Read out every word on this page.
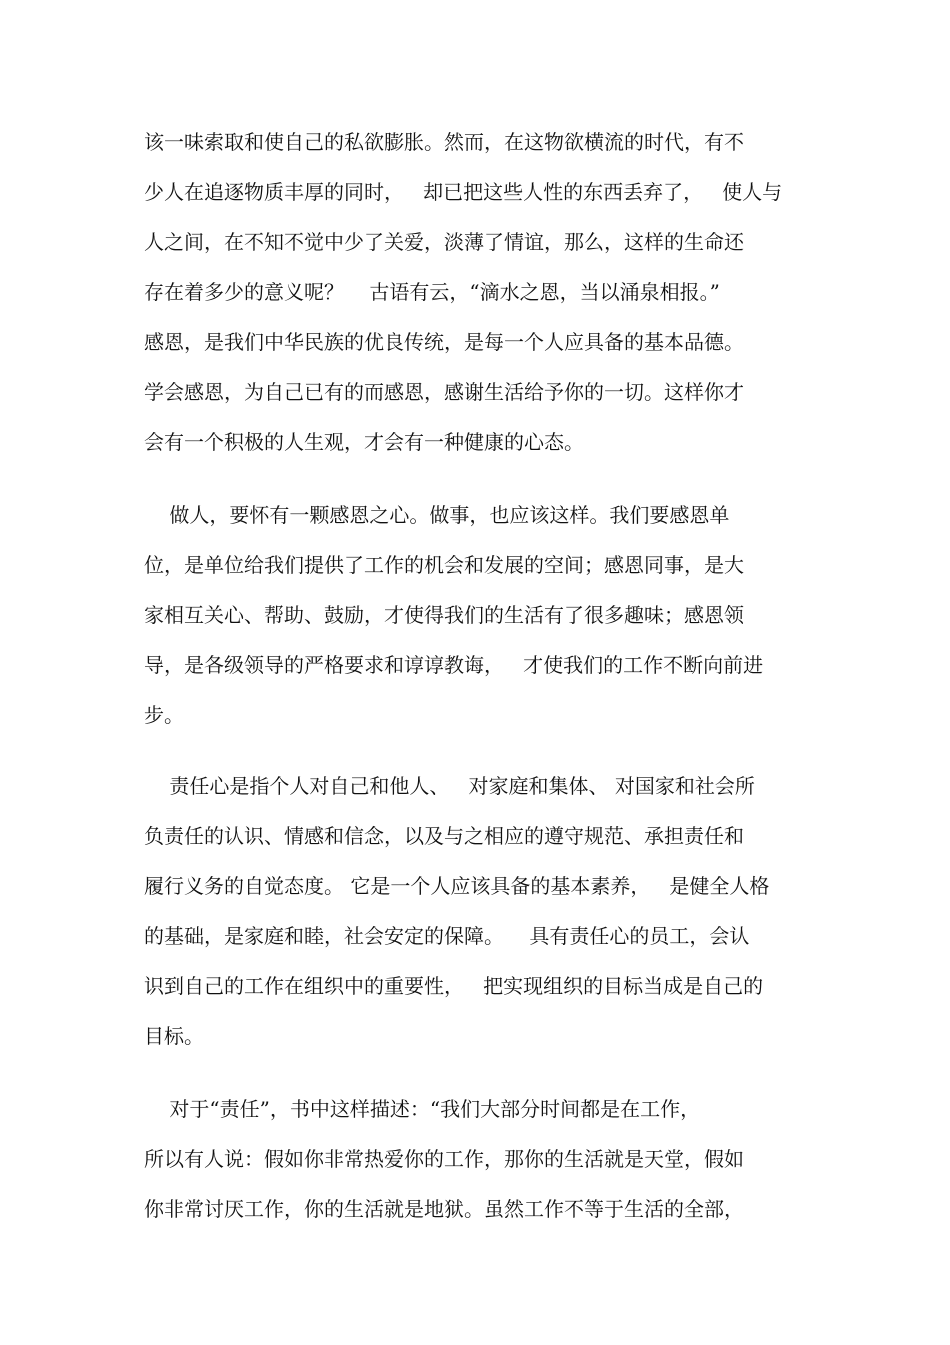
该一味索取和使自己的私欲膨胀。然而，在这物欲横流的时代，有不
少人在追逐物质丰厚的同时，   却已把这些人性的东西丢弃了，   使人与
人之间，在不知不觉中少了关爱，淡薄了情谊，那么，这样的生命还
存在着多少的意义呢？    古语有云，“滴水之恩，当以涌泉相报。”
感恩，是我们中华民族的优良传统，是每一个人应具备的基本品德。
学会感恩，为自己已有的而感恩，感谢生活给予你的一切。这样你才
会有一个积极的人生观，才会有一种健康的心态。
做人，要怀有一颗感恩之心。做事，也应该这样。我们要感恩单
位，是单位给我们提供了工作的机会和发展的空间；感恩同事，是大
家相互关心、帮助、鼓励，才使得我们的生活有了很多趣味；感恩领
导，是各级领导的严格要求和谆谆教诲，   才使我们的工作不断向前进
步。
责任心是指个人对自己和他人、   对家庭和集体、 对国家和社会所
负责任的认识、情感和信念，以及与之相应的遵守规范、承担责任和
履行义务的自觉态度。 它是一个人应该具备的基本素养，   是健全人格
的基础，是家庭和睦，社会安定的保障。    具有责任心的员工，会认
识到自己的工作在组织中的重要性，   把实现组织的目标当成是自己的
目标。
对于“责任”，书中这样描述：“我们大部分时间都是在工作，
所以有人说：假如你非常热爱你的工作，那你的生活就是天堂，假如
你非常讨厌工作，你的生活就是地狱。虽然工作不等于生活的全部，
